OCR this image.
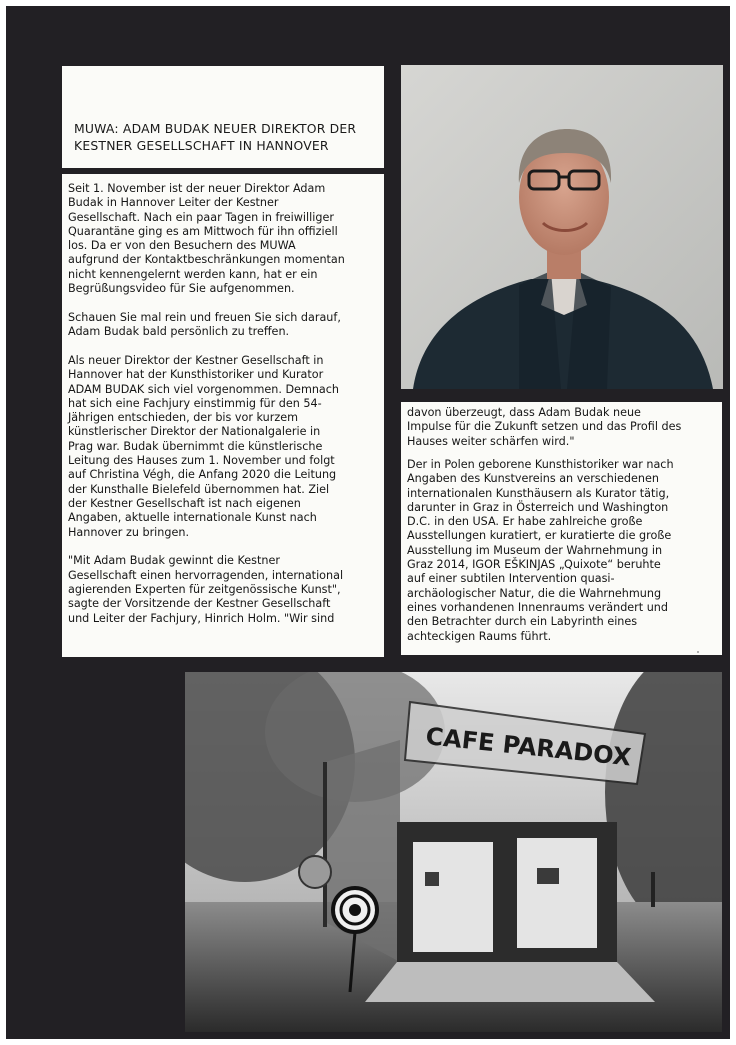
MUWA: ADAM BUDAK NEUER DIREKTOR DER
KESTNER GESELLSCHAFT IN HANNOVER

Seit 1. November ist der neuer Direktor Adam
Budak in Hannover Leiter der Kestner
Gesellschaft. Nach ein paar Tagen in freiwilliger
Quarantäne ging es am Mittwoch für ihn offiziell
los. Da er von den Besuchern des MUWA
aufgrund der Kontaktbeschränkungen momentan
nicht kennengelernt werden kann, hat er ein
Begrüßungsvideo für Sie aufgenommen.

Schauen Sie mal rein und freuen Sie sich darauf,
Adam Budak bald persönlich zu treffen.

Als neuer Direktor der Kestner Gesellschaft in
Hannover hat der Kunsthistoriker und Kurator
ADAM BUDAK sich viel vorgenommen. Demnach
hat sich eine Fachjury einstimmig für den 54-
Jährigen entschieden, der bis vor kurzem
künstlerischer Direktor der Nationalgalerie in
Prag war. Budak übernimmt die künstlerische
Leitung des Hauses zum 1. November und folgt
auf Christina Végh, die Anfang 2020 die Leitung
der Kunsthalle Bielefeld übernommen hat. Ziel
der Kestner Gesellschaft ist nach eigenen
Angaben, aktuelle internationale Kunst nach
Hannover zu bringen.

"Mit Adam Budak gewinnt die Kestner
Gesellschaft einen hervorragenden, international
agierenden Experten für zeitgenössische Kunst",
sagte der Vorsitzende der Kestner Gesellschaft
und Leiter der Fachjury, Hinrich Holm. "Wir sind

davon überzeugt, dass Adam Budak neue
Impulse für die Zukunft setzen und das Profil des
Hauses weiter schärfen wird."

Der in Polen geborene Kunsthistoriker war nach
Angaben des Kunstvereins an verschiedenen
internationalen Kunsthäusern als Kurator tätig,
darunter in Graz in Österreich und Washington
D.C. in den USA. Er habe zahlreiche große
Ausstellungen kuratiert, er kuratierte die große
Ausstellung im Museum der Wahrnehmung in
Graz 2014, IGOR EŠKINJAS „Quixote“ beruhte
auf einer subtilen Intervention quasi-
archäologischer Natur, die die Wahrnehmung
eines vorhandenen Innenraums verändert und
den Betrachter durch ein Labyrinth eines
achteckigen Raums führt.

CAFE PARADOX
